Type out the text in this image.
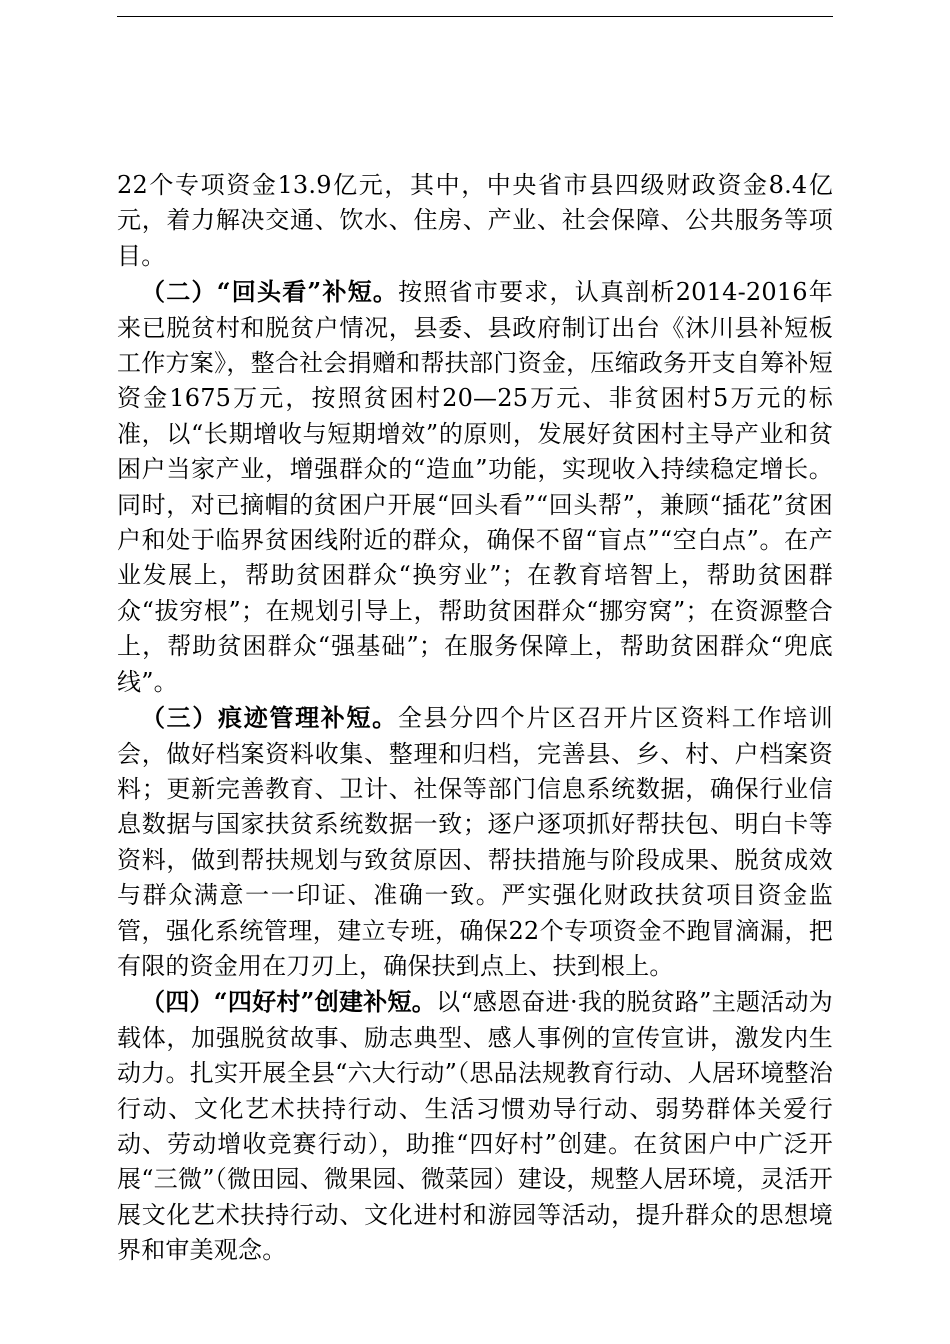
22个专项资金13.9亿元，其中，中央省市县四级财政资金8.4亿元，着力解决交通、饮水、住房、产业、社会保障、公共服务等项目。

（二）“回头看”补短。按照省市要求，认真剖析2014-2016年来已脱贫村和脱贫户情况，县委、县政府制订出台《沐川县补短板工作方案》，整合社会捐赠和帮扶部门资金，压缩政务开支自筹补短资金1675万元，按照贫困村20—25万元、非贫困村5万元的标准，以“长期增收与短期增效”的原则，发展好贫困村主导产业和贫困户当家产业，增强群众的“造血”功能，实现收入持续稳定增长。同时，对已摘帽的贫困户开展“回头看”“回头帮”，兼顾“插花”贫困户和处于临界贫困线附近的群众，确保不留“盲点”“空白点”。在产业发展上，帮助贫困群众“换穷业”；在教育培智上，帮助贫困群众“拔穷根”；在规划引导上，帮助贫困群众“挪穷窝”；在资源整合上，帮助贫困群众“强基础”；在服务保障上，帮助贫困群众“兜底线”。

（三）痕迹管理补短。全县分四个片区召开片区资料工作培训会，做好档案资料收集、整理和归档，完善县、乡、村、户档案资料；更新完善教育、卫计、社保等部门信息系统数据，确保行业信息数据与国家扶贫系统数据一致；逐户逐项抓好帮扶包、明白卡等资料，做到帮扶规划与致贫原因、帮扶措施与阶段成果、脱贫成效与群众满意一一印证、准确一致。严实强化财政扶贫项目资金监管，强化系统管理，建立专班，确保22个专项资金不跑冒滴漏，把有限的资金用在刀刃上，确保扶到点上、扶到根上。

（四）“四好村”创建补短。以“感恩奋进·我的脱贫路”主题活动为载体，加强脱贫故事、励志典型、感人事例的宣传宣讲，激发内生动力。扎实开展全县“六大行动”（思品法规教育行动、人居环境整治行动、文化艺术扶持行动、生活习惯劝导行动、弱势群体关爱行动、劳动增收竞赛行动），助推“四好村”创建。在贫困户中广泛开展“三微”（微田园、微果园、微菜园）建设，规整人居环境，灵活开展文化艺术扶持行动、文化进村和游园等活动，提升群众的思想境界和审美观念。
